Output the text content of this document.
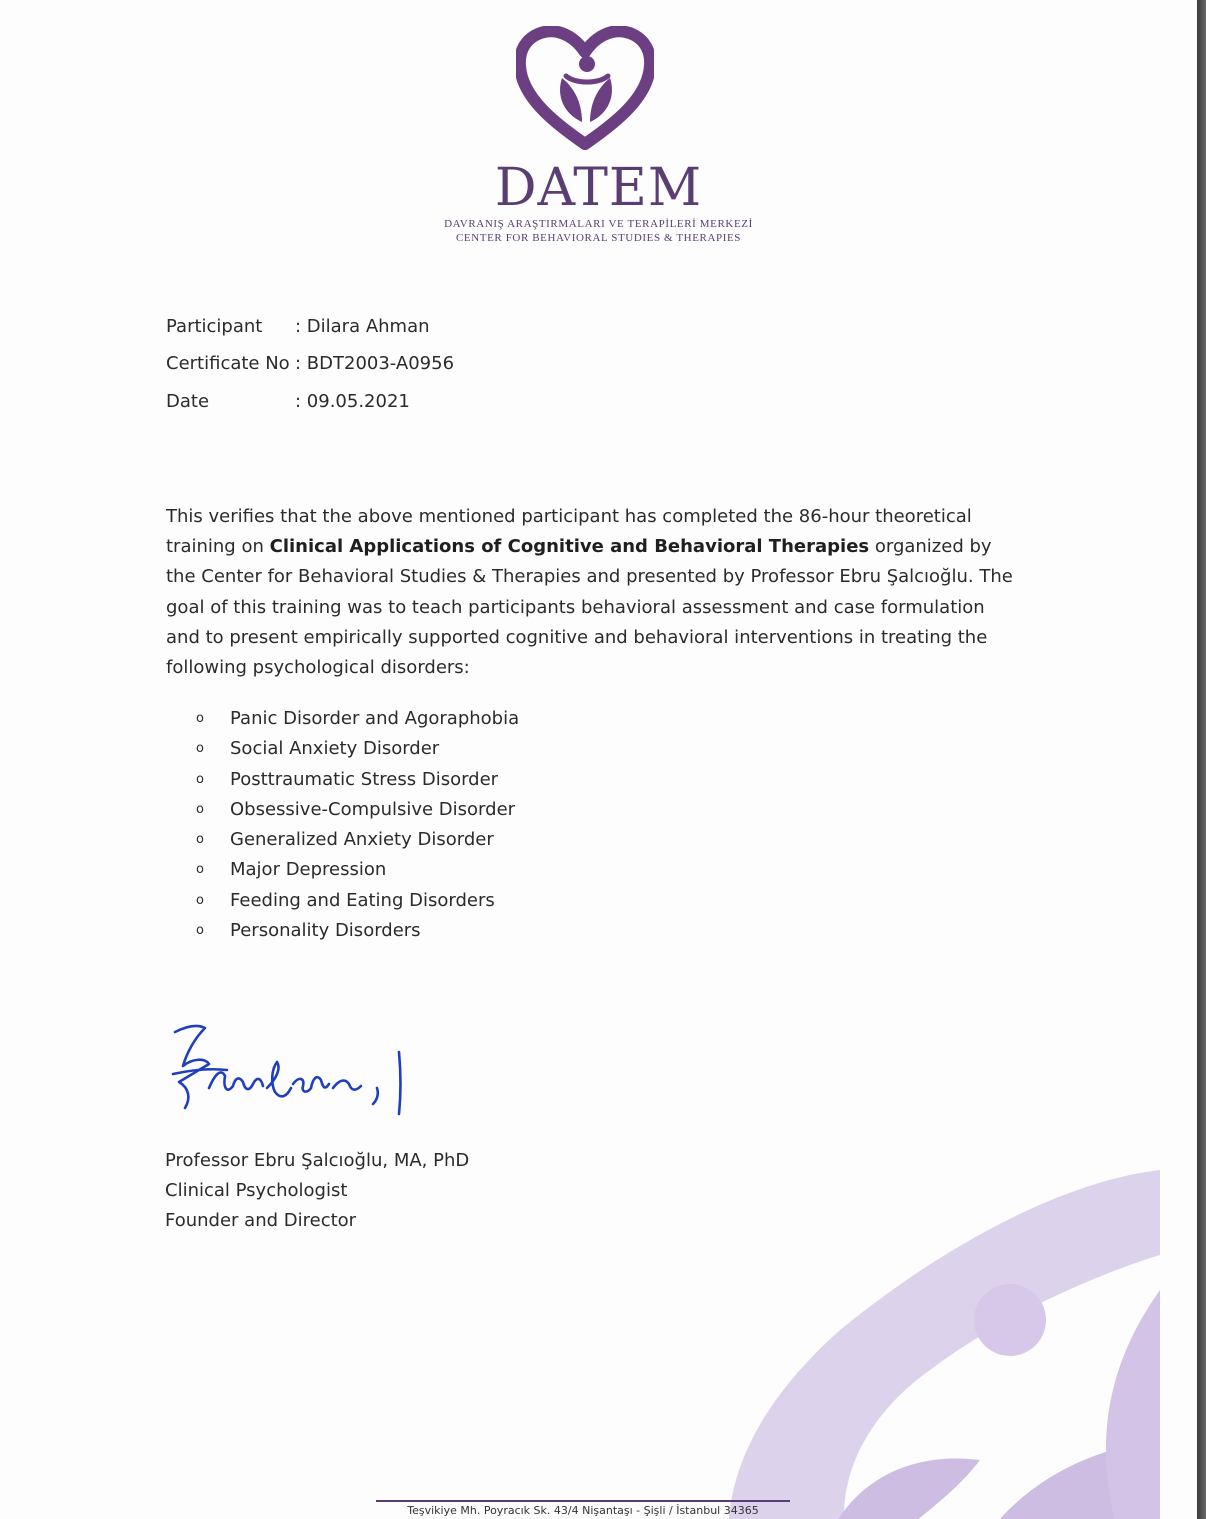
DATEM
DAVRANIŞ ARAŞTIRMALARI VE TERAPİLERİ MERKEZİ
CENTER FOR BEHAVIORAL STUDIES & THERAPIES
Participant	: Dilara Ahman
Certificate No : BDT2003-A0956
Date	: 09.05.2021

This verifies that the above mentioned participant has completed the 86-hour theoretical training on Clinical Applications of Cognitive and Behavioral Therapies organized by the Center for Behavioral Studies & Therapies and presented by Professor Ebru Şalcıoğlu. The goal of this training was to teach participants behavioral assessment and case formulation and to present empirically supported cognitive and behavioral interventions in treating the following psychological disorders:

o Panic Disorder and Agoraphobia
o Social Anxiety Disorder
o Posttraumatic Stress Disorder
o Obsessive-Compulsive Disorder
o Generalized Anxiety Disorder
o Major Depression
o Feeding and Eating Disorders
o Personality Disorders
Professor Ebru Şalcıoğlu, MA, PhD
Clinical Psychologist
Founder and Director
Teşvikiye Mh. Poyracık Sk. 43/4 Nişantaşı - Şişli / İstanbul 34365
